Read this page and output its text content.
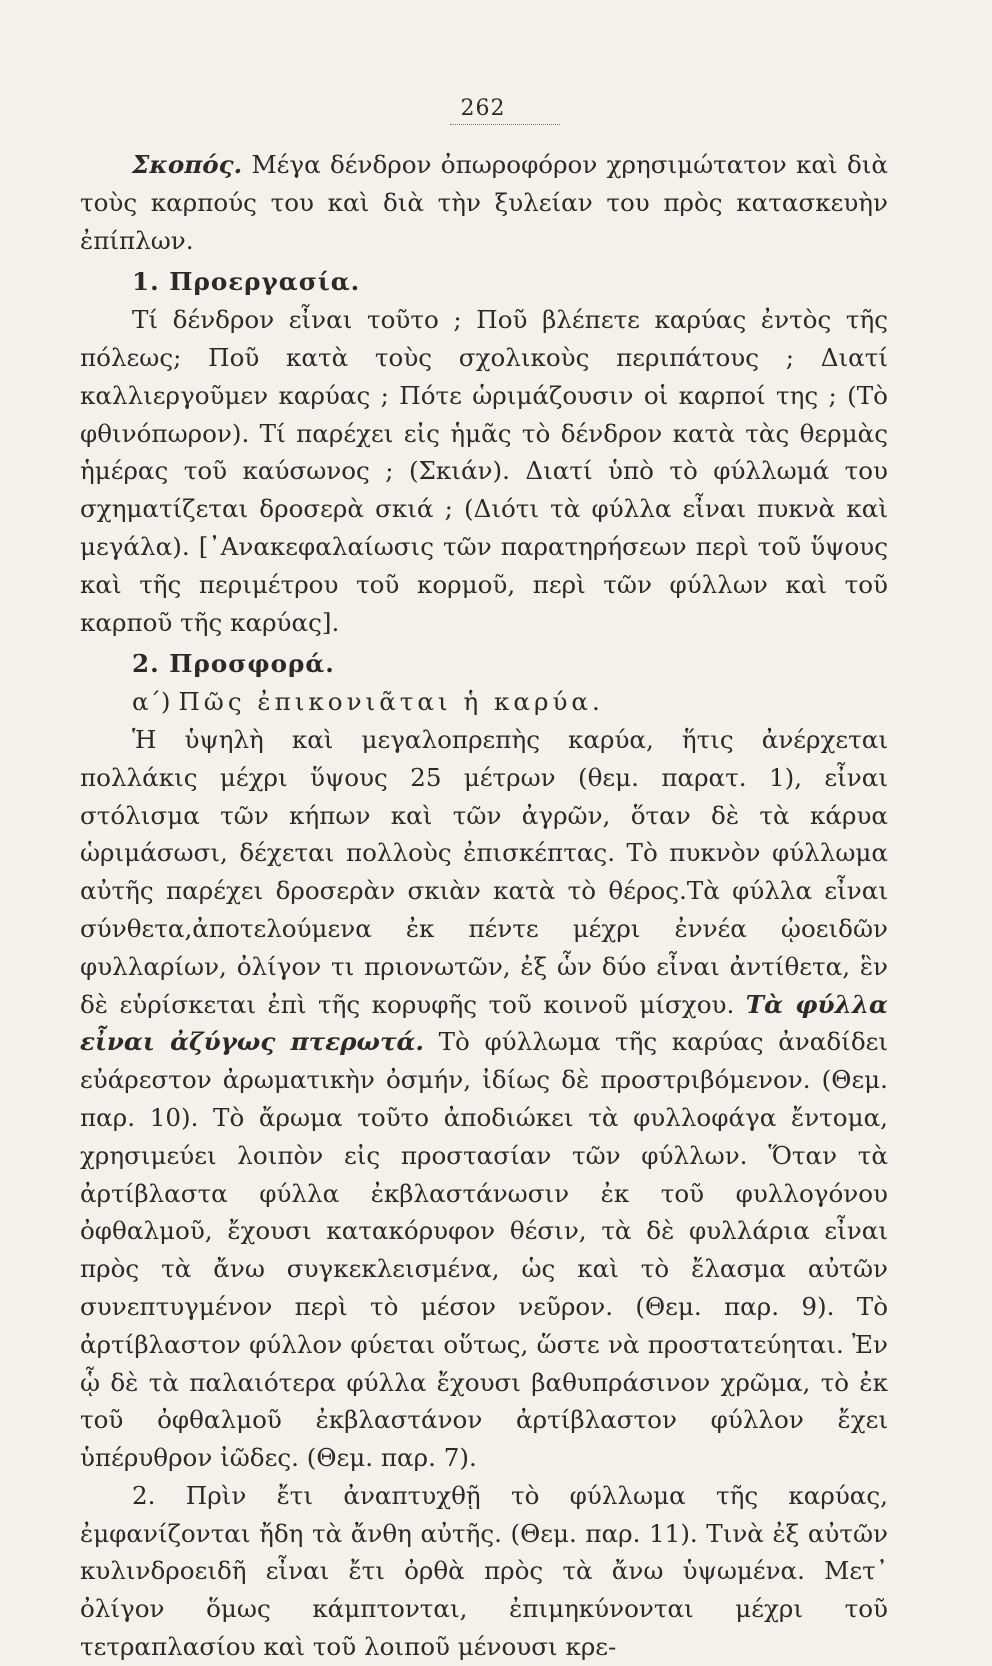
262

Σκοπός. Μέγα δένδρον ὀπωροφόρον χρησιμώτατον καὶ διὰ τοὺς καρπούς του καὶ διὰ τὴν ξυλείαν του πρὸς κατασκευὴν ἐπίπλων.

1. Προεργασία.

Τί δένδρον εἶναι τοῦτο ; Ποῦ βλέπετε καρύας ἐντὸς τῆς πόλεως; Ποῦ κατὰ τοὺς σχολικοὺς περιπάτους ; Διατί καλλιεργοῦμεν καρύας ; Πότε ὡριμάζουσιν οἱ καρποί της ; (Τὸ φθινόπωρον). Τί παρέχει εἰς ἡμᾶς τὸ δένδρον κατὰ τὰς θερμὰς ἡμέρας τοῦ καύσωνος ; (Σκιάν). Διατί ὑπὸ τὸ φύλλωμά του σχηματίζεται δροσερὰ σκιά ; (Διότι τὰ φύλλα εἶναι πυκνὰ καὶ μεγάλα). [᾿Ανακεφαλαίωσις τῶν παρατηρήσεων περὶ τοῦ ὕψους καὶ τῆς περιμέτρου τοῦ κορμοῦ, περὶ τῶν φύλλων καὶ τοῦ καρποῦ τῆς καρύας].

2. Προσφορά.

α΄) Πῶς ἐπικονιᾶται ἡ καρύα.

Ἡ ὑψηλὴ καὶ μεγαλοπρεπὴς καρύα, ἥτις ἀνέρχεται πολλάκις μέχρι ὕψους 25 μέτρων (θεμ. παρατ. 1), εἶναι στόλισμα τῶν κήπων καὶ τῶν ἀγρῶν, ὅταν δὲ τὰ κάρυα ὡριμάσωσι, δέχεται πολλοὺς ἐπισκέπτας. Τὸ πυκνὸν φύλλωμα αὐτῆς παρέχει δροσερὰν σκιὰν κατὰ τὸ θέρος.Τὰ φύλλα εἶναι σύνθετα,ἀποτελούμενα ἐκ πέντε μέχρι ἐννέα ᾠοειδῶν φυλλαρίων, ὀλίγον τι πριονωτῶν, ἐξ ὧν δύο εἶναι ἀντίθετα, ἓν δὲ εὑρίσκεται ἐπὶ τῆς κορυφῆς τοῦ κοινοῦ μίσχου. Τὰ φύλλα εἶναι ἀζύγως πτερωτά. Τὸ φύλλωμα τῆς καρύας ἀναδίδει εὐάρεστον ἀρωματικὴν ὀσμήν, ἰδίως δὲ προστριβόμενον. (Θεμ. παρ. 10). Τὸ ἄρωμα τοῦτο ἀποδιώκει τὰ φυλλοφάγα ἔντομα, χρησιμεύει λοιπὸν εἰς προστασίαν τῶν φύλλων. Ὅταν τὰ ἀρτίβλαστα φύλλα ἐκβλαστάνωσιν ἐκ τοῦ φυλλογόνου ὀφθαλμοῦ, ἔχουσι κατακόρυφον θέσιν, τὰ δὲ φυλλάρια εἶναι πρὸς τὰ ἄνω συγκεκλεισμένα, ὡς καὶ τὸ ἔλασμα αὐτῶν συνεπτυγμένον περὶ τὸ μέσον νεῦρον. (Θεμ. παρ. 9). Τὸ ἀρτίβλαστον φύλλον φύεται οὕτως, ὥστε νὰ προστατεύηται. Ἐν ᾧ δὲ τὰ παλαιότερα φύλλα ἔχουσι βαθυπράσινον χρῶμα, τὸ ἐκ τοῦ ὀφθαλμοῦ ἐκβλαστάνον ἀρτίβλαστον φύλλον ἔχει ὑπέρυθρον ἰῶδες. (Θεμ. παρ. 7).

2. Πρὶν ἔτι ἀναπτυχθῇ τὸ φύλλωμα τῆς καρύας, ἐμφανίζονται ἤδη τὰ ἄνθη αὐτῆς. (Θεμ. παρ. 11). Τινὰ ἐξ αὐτῶν κυλινδροειδῆ εἶναι ἔτι ὀρθὰ πρὸς τὰ ἄνω ὑψωμένα. Μετ᾿ ὀλίγον ὅμως κάμπτονται, ἐπιμηκύνονται μέχρι τοῦ τετραπλασίου καὶ τοῦ λοιποῦ μένουσι κρε-
